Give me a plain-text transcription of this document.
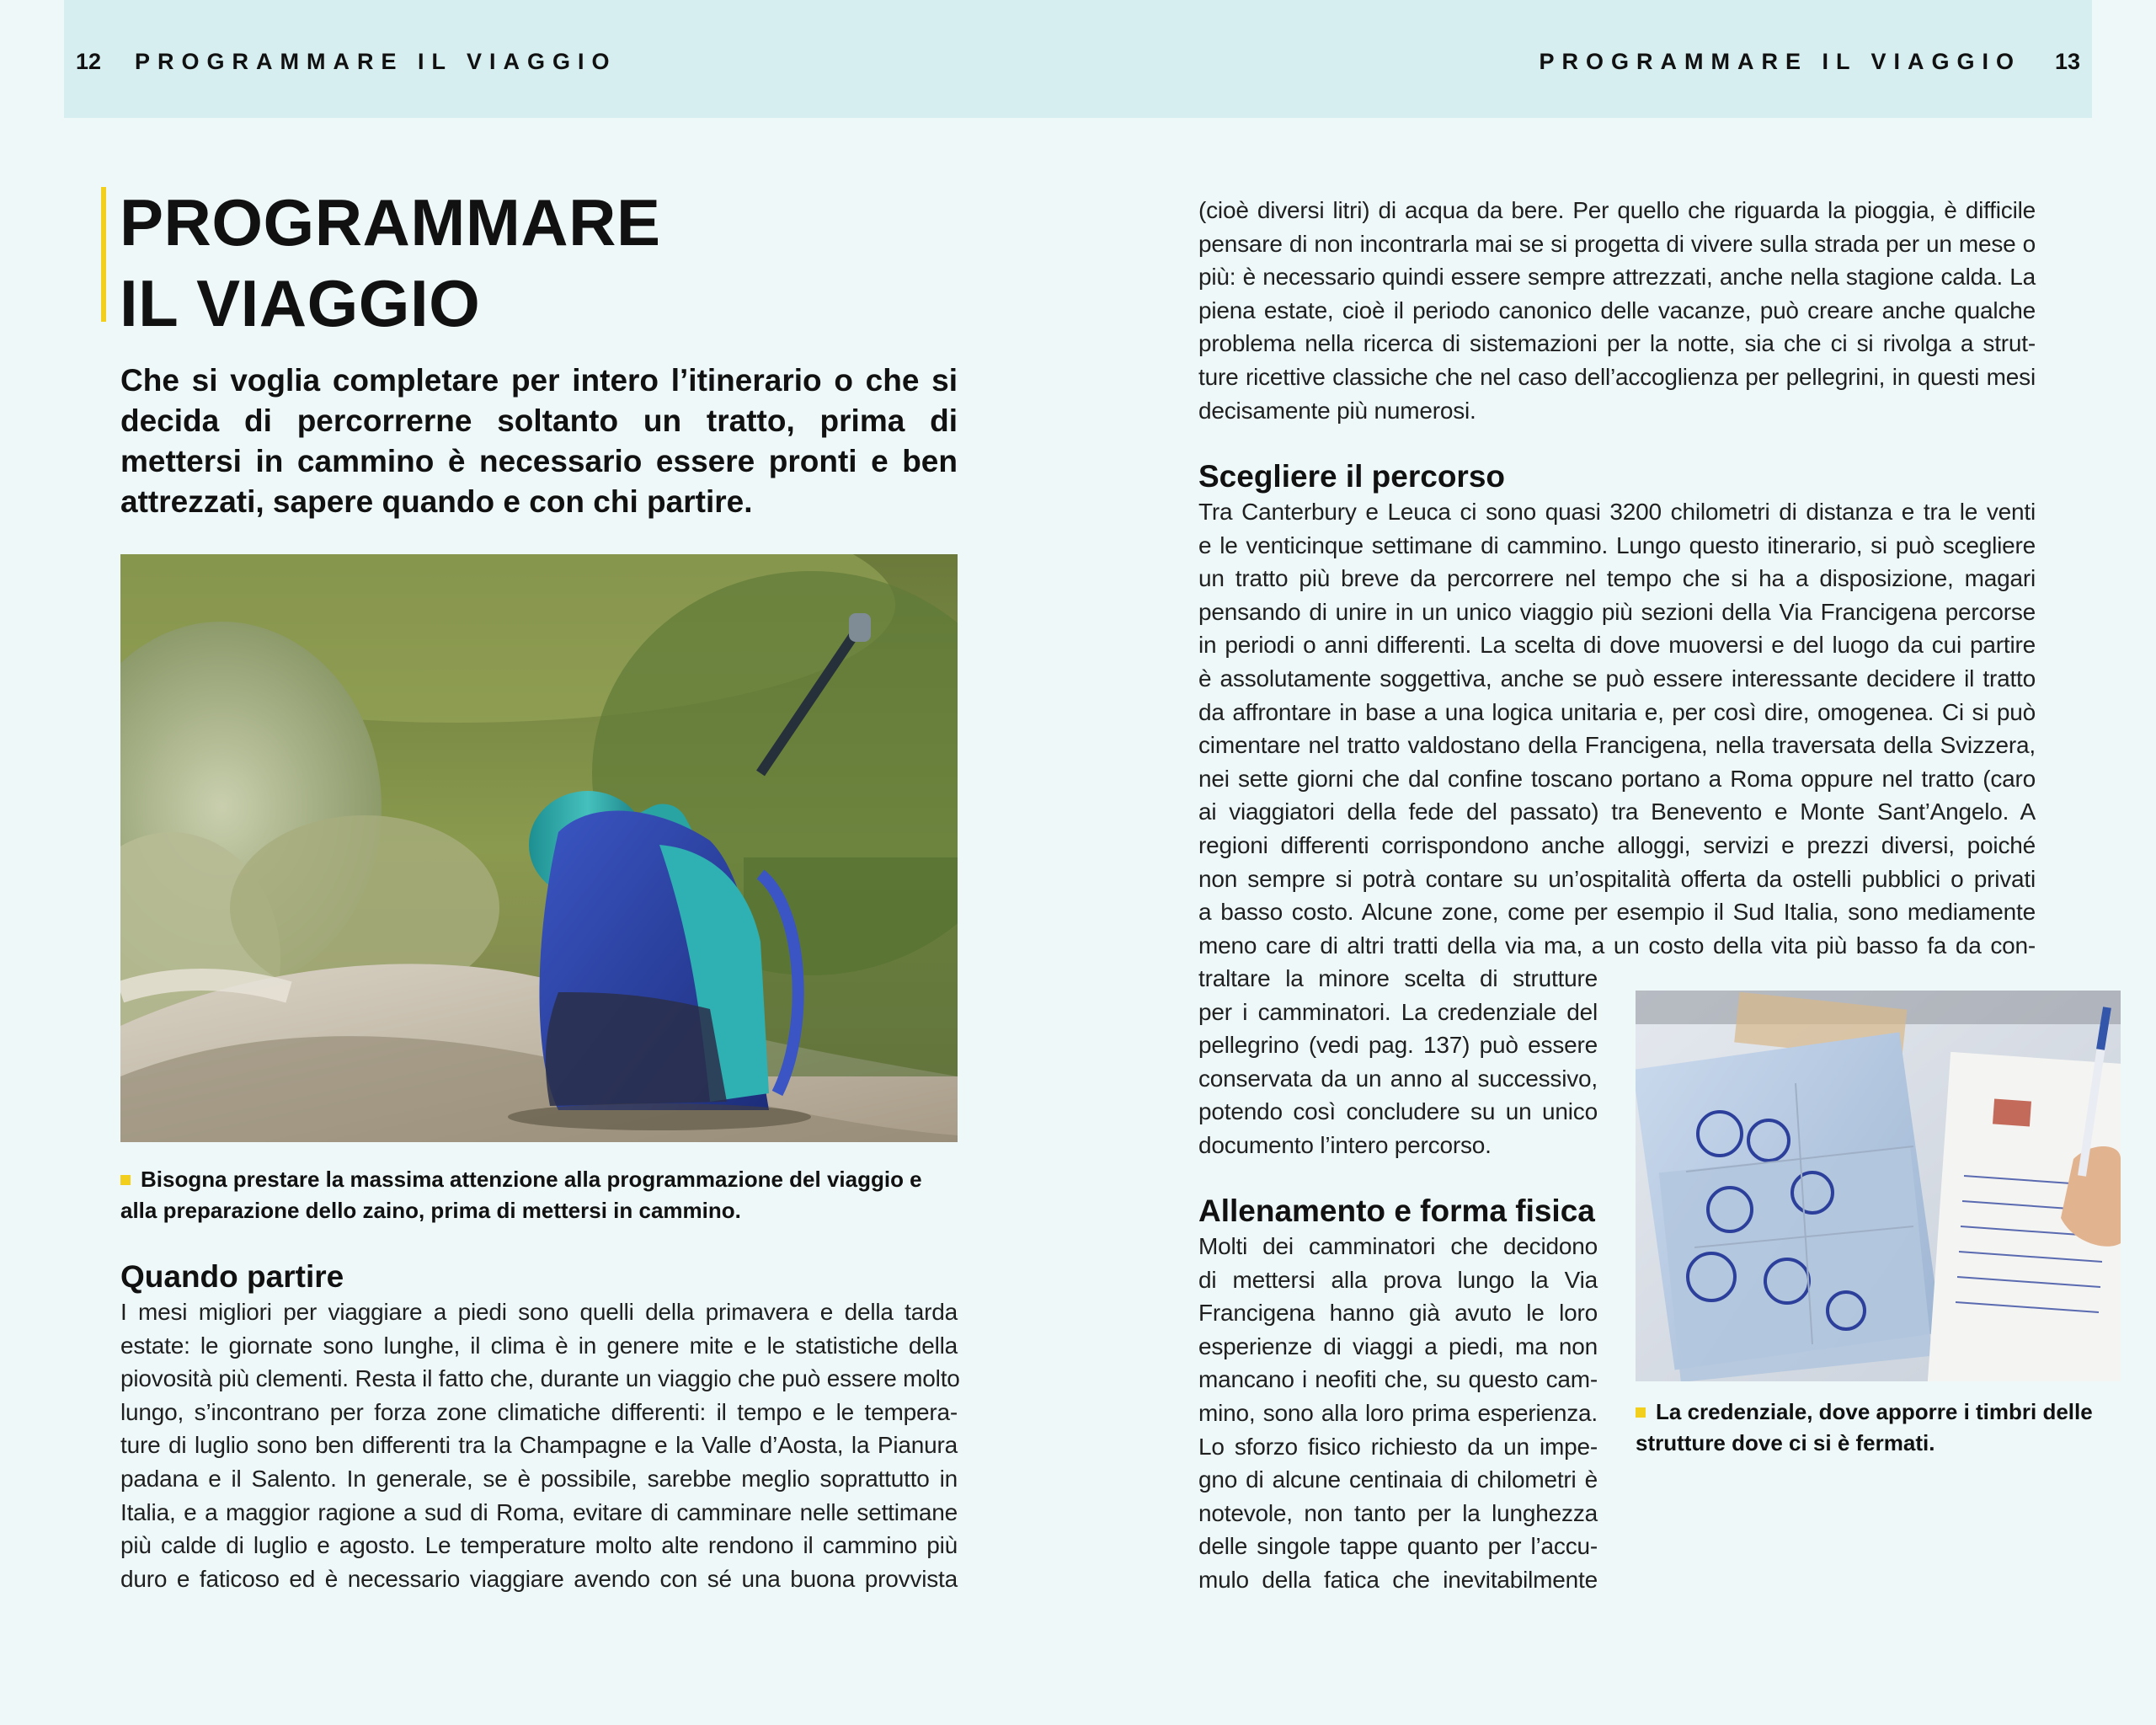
12 PROGRAMMARE IL VIAGGIO	PROGRAMMARE IL VIAGGIO 13
PROGRAMMARE
IL VIAGGIO

Che si voglia completare per intero l’itinerario o che si decida di percorrerne soltanto un tratto, prima di mettersi in cammino è necessario essere pronti e ben attrezzati, sapere quando e con chi partire.

Bisogna prestare la massima attenzione alla programmazione del viaggio e alla preparazione dello zaino, prima di mettersi in cammino.

Quando partire
I mesi migliori per viaggiare a piedi sono quelli della primavera e della tarda
estate: le giornate sono lunghe, il clima è in genere mite e le statistiche della
piovosità più clementi. Resta il fatto che, durante un viaggio che può essere molto
lungo, s’incontrano per forza zone climatiche differenti: il tempo e le tempera-
ture di luglio sono ben differenti tra la Champagne e la Valle d’Aosta, la Pianura
padana e il Salento. In generale, se è possibile, sarebbe meglio soprattutto in
Italia, e a maggior ragione a sud di Roma, evitare di camminare nelle settimane
più calde di luglio e agosto. Le temperature molto alte rendono il cammino più
duro e faticoso ed è necessario viaggiare avendo con sé una buona provvista
(cioè diversi litri) di acqua da bere. Per quello che riguarda la pioggia, è difficile
pensare di non incontrarla mai se si progetta di vivere sulla strada per un mese o
più: è necessario quindi essere sempre attrezzati, anche nella stagione calda. La
piena estate, cioè il periodo canonico delle vacanze, può creare anche qualche
problema nella ricerca di sistemazioni per la notte, sia che ci si rivolga a strut-
ture ricettive classiche che nel caso dell’accoglienza per pellegrini, in questi mesi
decisamente più numerosi.
Scegliere il percorso
Tra Canterbury e Leuca ci sono quasi 3200 chilometri di distanza e tra le venti
e le venticinque settimane di cammino. Lungo questo itinerario, si può scegliere
un tratto più breve da percorrere nel tempo che si ha a disposizione, magari
pensando di unire in un unico viaggio più sezioni della Via Francigena percorse
in periodi o anni differenti. La scelta di dove muoversi e del luogo da cui partire
è assolutamente soggettiva, anche se può essere interessante decidere il tratto
da affrontare in base a una logica unitaria e, per così dire, omogenea. Ci si può
cimentare nel tratto valdostano della Francigena, nella traversata della Svizzera,
nei sette giorni che dal confine toscano portano a Roma oppure nel tratto (caro
ai viaggiatori della fede del passato) tra Benevento e Monte Sant’Angelo. A
regioni differenti corrispondono anche alloggi, servizi e prezzi diversi, poiché
non sempre si potrà contare su un’ospitalità offerta da ostelli pubblici o privati
a basso costo. Alcune zone, come per esempio il Sud Italia, sono mediamente
meno care di altri tratti della via ma, a un costo della vita più basso fa da con-
traltare la minore scelta di strutture
per i camminatori. La credenziale del
pellegrino (vedi pag. 137) può essere
conservata da un anno al successivo,
potendo così concludere su un unico
documento l’intero percorso.

La credenziale, dove apporre i timbri delle strutture dove ci si è fermati.

Allenamento e forma fisica
Molti dei camminatori che decidono
di mettersi alla prova lungo la Via
Francigena hanno già avuto le loro
esperienze di viaggi a piedi, ma non
mancano i neofiti che, su questo cam-
mino, sono alla loro prima esperienza.
Lo sforzo fisico richiesto da un impe-
gno di alcune centinaia di chilometri è
notevole, non tanto per la lunghezza
delle singole tappe quanto per l’accu-
mulo della fatica che inevitabilmente
